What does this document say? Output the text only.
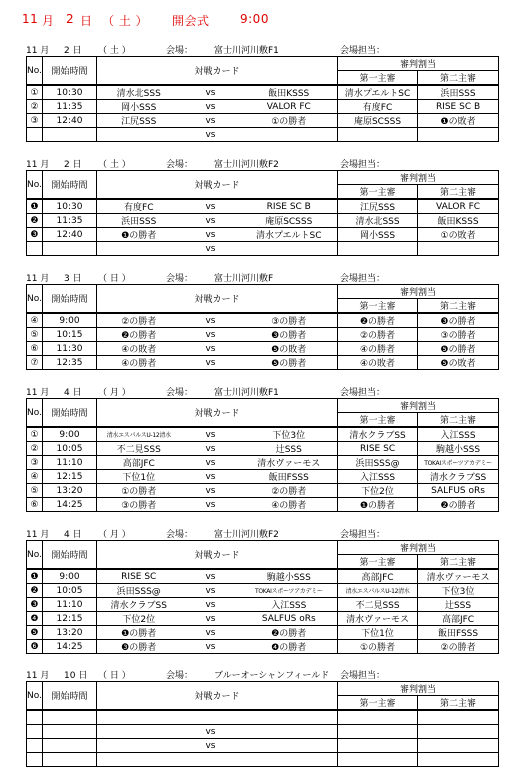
11 月 2 日 （ 土 ） 開会式	9:00
11 月 2 日 （ 土 ）	会場： 富士川河川敷F1	会場担当：
No.	開始時間	対戦カード			審判割当	
					第一主審	第二主審
①	10:30	清水北SSS	vs	飯田KSSS	清水プエルトSC	浜田SSS
②	11:35	岡小SSS	vs	VALOR FC	有度FC	RISE SC B
③	12:40	江尻SSS	vs	①の勝者	庵原SCSSS	❶の敗者
			vs			
11 月 2 日 （ 土 ）	会場： 富士川河川敷F2	会場担当：
No.	開始時間	対戦カード			審判割当	
					第一主審	第二主審
❶	10:30	有度FC	vs	RISE SC B	江尻SSS	VALOR FC
❷	11:35	浜田SSS	vs	庵原SCSSS	清水北SSS	飯田KSSS
❸	12:40	❶の勝者	vs	清水プエルトSC	岡小SSS	①の敗者
			vs			
11 月 3 日 （ 日 ）	会場： 富士川河川敷F	会場担当：
No.	開始時間	対戦カード			審判割当	
					第一主審	第二主審
④	9:00	②の勝者	vs	③の勝者	❷の勝者	❸の勝者
⑤	10:15	❷の勝者	vs	❸の勝者	②の勝者	③の勝者
⑥	11:30	④の敗者	vs	❺の敗者	④の勝者	❺の勝者
⑦	12:35	④の勝者	vs	❺の勝者	④の敗者	❺の敗者
11 月 4 日 （ 月 ）	会場： 富士川河川敷F1	会場担当：
No.	開始時間	対戦カード			審判割当	
					第一主審	第二主審
①	9:00	清水エスパルスU-12清水	vs	下位3位	清水クラブSS	入江SSS
②	10:05	不二見SSS	vs	辻SSS	RISE SC	駒越小SSS
③	11:10	高部JFC	vs	清水ヴァーモス	浜田SSS@	TOKAIスポーツアカデミー
④	12:15	下位1位	vs	飯田FSSS	入江SSS	清水クラブSS
⑤	13:20	①の勝者	vs	②の勝者	下位2位	SALFUS oRs
⑥	14:25	③の勝者	vs	④の勝者	❶の勝者	❷の勝者
11 月 4 日 （ 月 ）	会場： 富士川河川敷F2	会場担当：
No.	開始時間	対戦カード			審判割当	
					第一主審	第二主審
❶	9:00	RISE SC	vs	駒越小SSS	高部JFC	清水ヴァーモス
❷	10:05	浜田SSS@	vs	TOKAIスポーツアカデミー	清水エスパルスU-12清水	下位3位
❸	11:10	清水クラブSS	vs	入江SSS	不二見SSS	辻SSS
❹	12:15	下位2位	vs	SALFUS oRs	清水ヴァーモス	高部JFC
❺	13:20	❶の勝者	vs	❷の勝者	下位1位	飯田FSSS
❻	14:25	❸の勝者	vs	❹の勝者	①の勝者	②の勝者
11 月 10 日 （ 日 ）	会場： ブルーオーシャンフィールド 会場担当：
No.	開始時間	対戦カード			審判割当	
					第一主審	第二主審

			vs			
			vs			
